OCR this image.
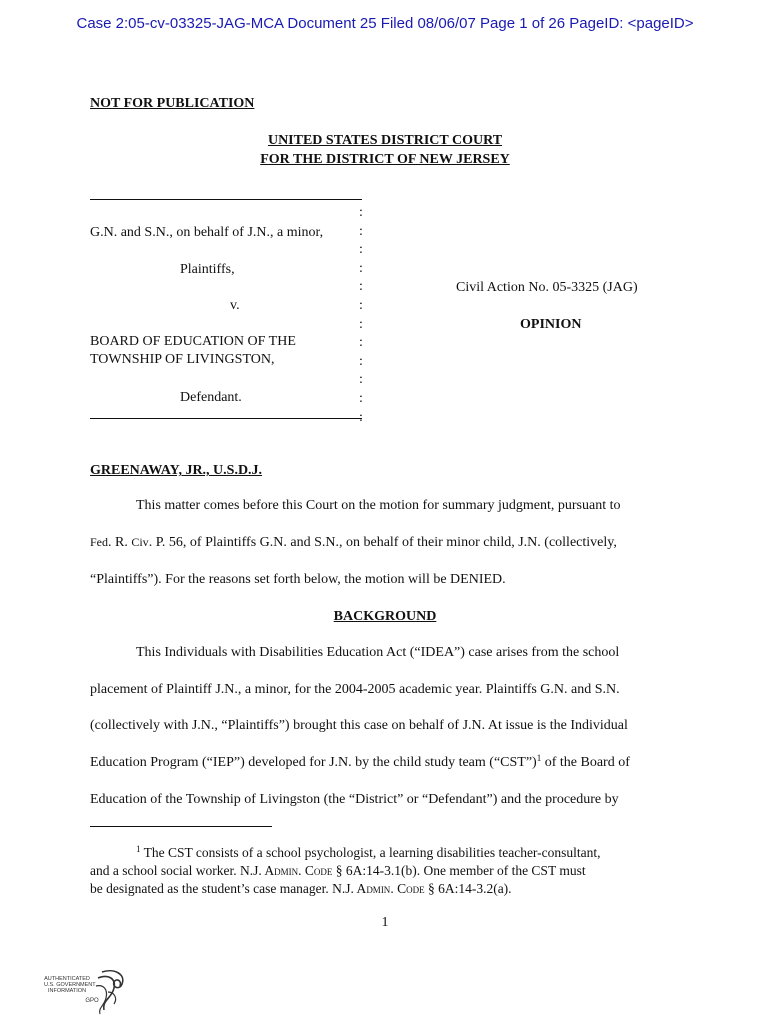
Case 2:05-cv-03325-JAG-MCA Document 25 Filed 08/06/07 Page 1 of 26 PageID: <pageID>
NOT FOR PUBLICATION
UNITED STATES DISTRICT COURT
FOR THE DISTRICT OF NEW JERSEY
:
:
:
:
:
:
:
:
:
:
:
:
G.N. and S.N., on behalf of J.N., a minor,
Plaintiffs,
v.
BOARD OF EDUCATION OF THE
TOWNSHIP OF LIVINGSTON,
Defendant.
Civil Action No. 05-3325 (JAG)
OPINION
GREENAWAY, JR., U.S.D.J.
This matter comes before this Court on the motion for summary judgment, pursuant to
Fed. R. Civ. P. 56, of Plaintiffs G.N. and S.N., on behalf of their minor child, J.N. (collectively,
“Plaintiffs”). For the reasons set forth below, the motion will be DENIED.
BACKGROUND
This Individuals with Disabilities Education Act (“IDEA”) case arises from the school
placement of Plaintiff J.N., a minor, for the 2004-2005 academic year. Plaintiffs G.N. and S.N.
(collectively with J.N., “Plaintiffs”) brought this case on behalf of J.N. At issue is the Individual
Education Program (“IEP”) developed for J.N. by the child study team (“CST”)$^1$ of the Board of
Education of the Township of Livingston (the “District” or “Defendant”) and the procedure by
$^1$ The CST consists of a school psychologist, a learning disabilities teacher-consultant,
and a school social worker. N.J. Admin. Code § 6A:14-3.1(b). One member of the CST must
be designated as the student’s case manager. N.J. Admin. Code § 6A:14-3.2(a).
1
AUTHENTICATED
U.S. GOVERNMENT
INFORMATION
GPO
